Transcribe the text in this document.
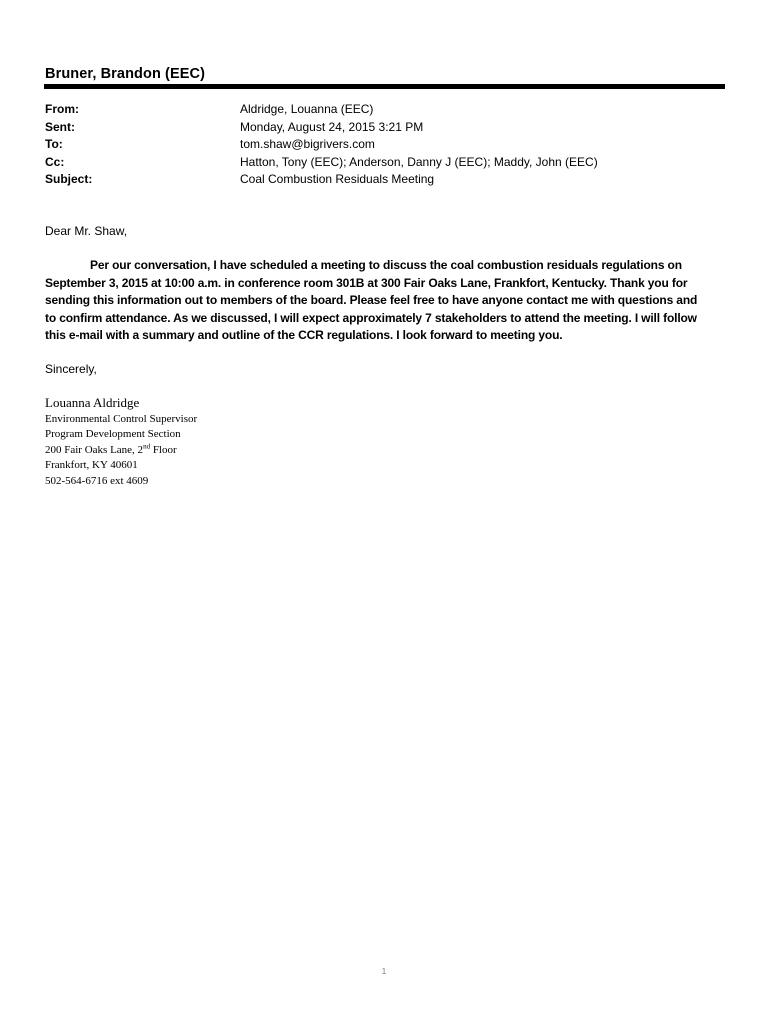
Bruner, Brandon (EEC)
From:	Aldridge, Louanna (EEC)
Sent:	Monday, August 24, 2015 3:21 PM
To:	tom.shaw@bigrivers.com
Cc:	Hatton, Tony (EEC); Anderson, Danny J (EEC); Maddy, John (EEC)
Subject:	Coal Combustion Residuals Meeting
Dear Mr. Shaw,
Per our conversation, I have scheduled a meeting to discuss the coal combustion residuals regulations on
September 3, 2015 at 10:00 a.m. in conference room 301B at 300 Fair Oaks Lane, Frankfort, Kentucky. Thank you for
sending this information out to members of the board. Please feel free to have anyone contact me with questions and
to confirm attendance. As we discussed, I will expect approximately 7 stakeholders to attend the meeting. I will follow
this e-mail with a summary and outline of the CCR regulations. I look forward to meeting you.
Sincerely,
Louanna Aldridge
Environmental Control Supervisor
Program Development Section
200 Fair Oaks Lane, 2nd Floor
Frankfort, KY 40601
502-564-6716 ext 4609
1
